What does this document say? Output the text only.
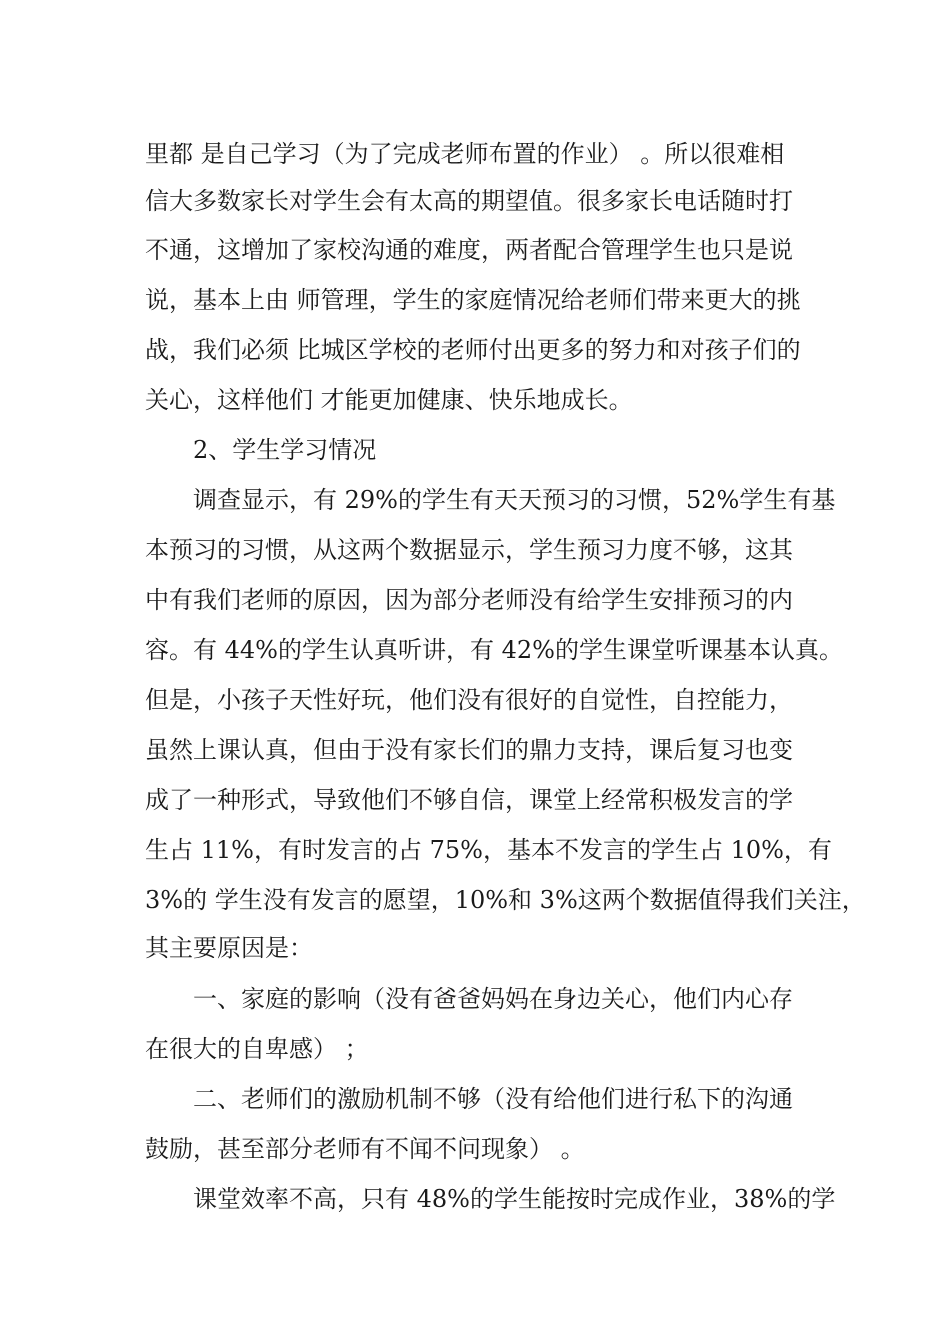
里都 是自己学习（为了完成老师布置的作业） 。所以很难相

信大多数家长对学生会有太高的期望值。很多家长电话随时打

不通，这增加了家校沟通的难度，两者配合管理学生也只是说

说，基本上由 师管理，学生的家庭情况给老师们带来更大的挑

战，我们必须 比城区学校的老师付出更多的努力和对孩子们的

关心，这样他们 才能更加健康、快乐地成长。

2、学生学习情况

调查显示，有 29%的学生有天天预习的习惯，52%学生有基

本预习的习惯，从这两个数据显示，学生预习力度不够，这其

中有我们老师的原因，因为部分老师没有给学生安排预习的内

容。有 44%的学生认真听讲，有 42%的学生课堂听课基本认真。

但是，小孩子天性好玩，他们没有很好的自觉性，自控能力，

虽然上课认真，但由于没有家长们的鼎力支持，课后复习也变

成了一种形式，导致他们不够自信，课堂上经常积极发言的学

生占 11%，有时发言的占 75%，基本不发言的学生占 10%，有

3%的 学生没有发言的愿望，10%和 3%这两个数据值得我们关注，

其主要原因是：

一、家庭的影响（没有爸爸妈妈在身边关心，他们内心存

在很大的自卑感） ；

二、老师们的激励机制不够（没有给他们进行私下的沟通

鼓励，甚至部分老师有不闻不问现象） 。

课堂效率不高，只有 48%的学生能按时完成作业，38%的学
